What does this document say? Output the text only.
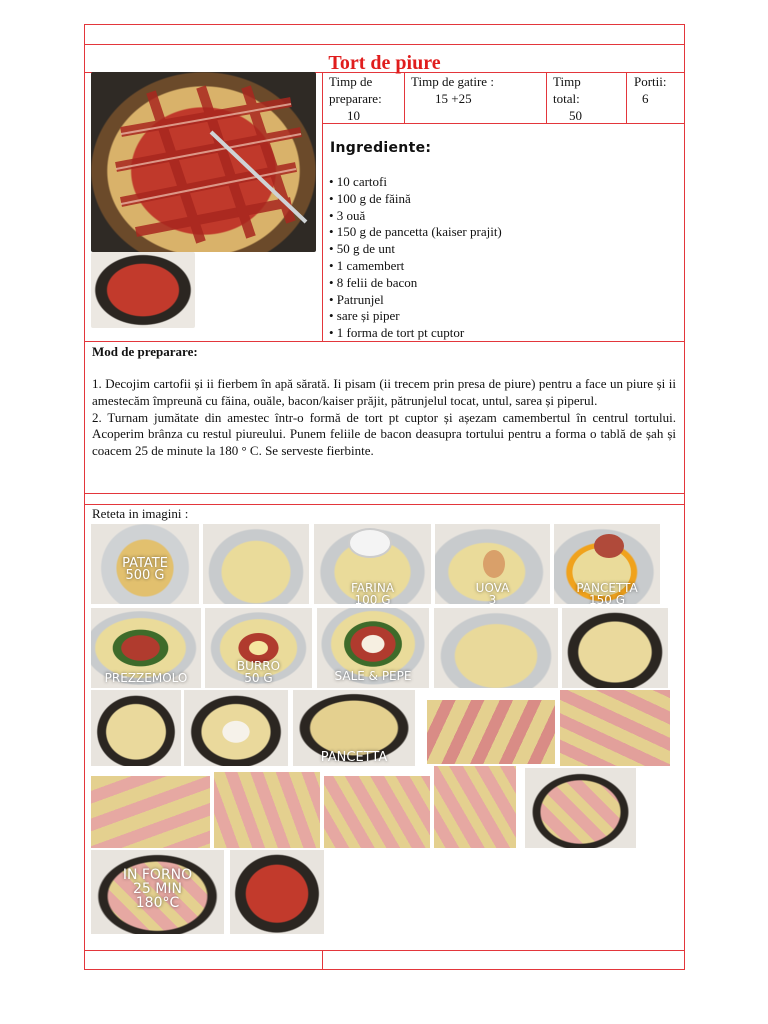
Tort de piure
Timp de preparare:
10
Timp de gatire :
15 +25
Timp total:
50
Portii:
6
Ingrediente:
• 10 cartofi
• 100 g de făină
• 3 ouă
• 150 g de pancetta (kaiser prajit)
• 50 g de unt
• 1 camembert
• 8 felii de bacon
• Patrunjel
• sare și piper
• 1 forma de tort pt cuptor
Mod de preparare:

1. Decojim cartofii și ii fierbem în apă sărată. Ii pisam (ii trecem prin presa de piure) pentru a face un piure și ii amestecăm împreună cu făina, ouăle, bacon/kaiser prăjit, pătrunjelul tocat, untul, sarea și piperul.

2. Turnam jumătate din amestec într-o formă de tort pt cuptor și așezam camembertul în centrul tortului. Acoperim brânza cu restul piureului. Punem feliile de bacon deasupra tortului pentru a forma o tablă de șah și coacem 25 de minute la 180 ° C. Se serveste fierbinte.

Reteta in imagini :
PATATE
500 G
FARINA
100 G
UOVA
3
PANCETTA
150 G
PREZZEMOLO
BURRO
50 G	SALE & PEPE
PANCETTA
IN FORNO
25 MIN
180°C
